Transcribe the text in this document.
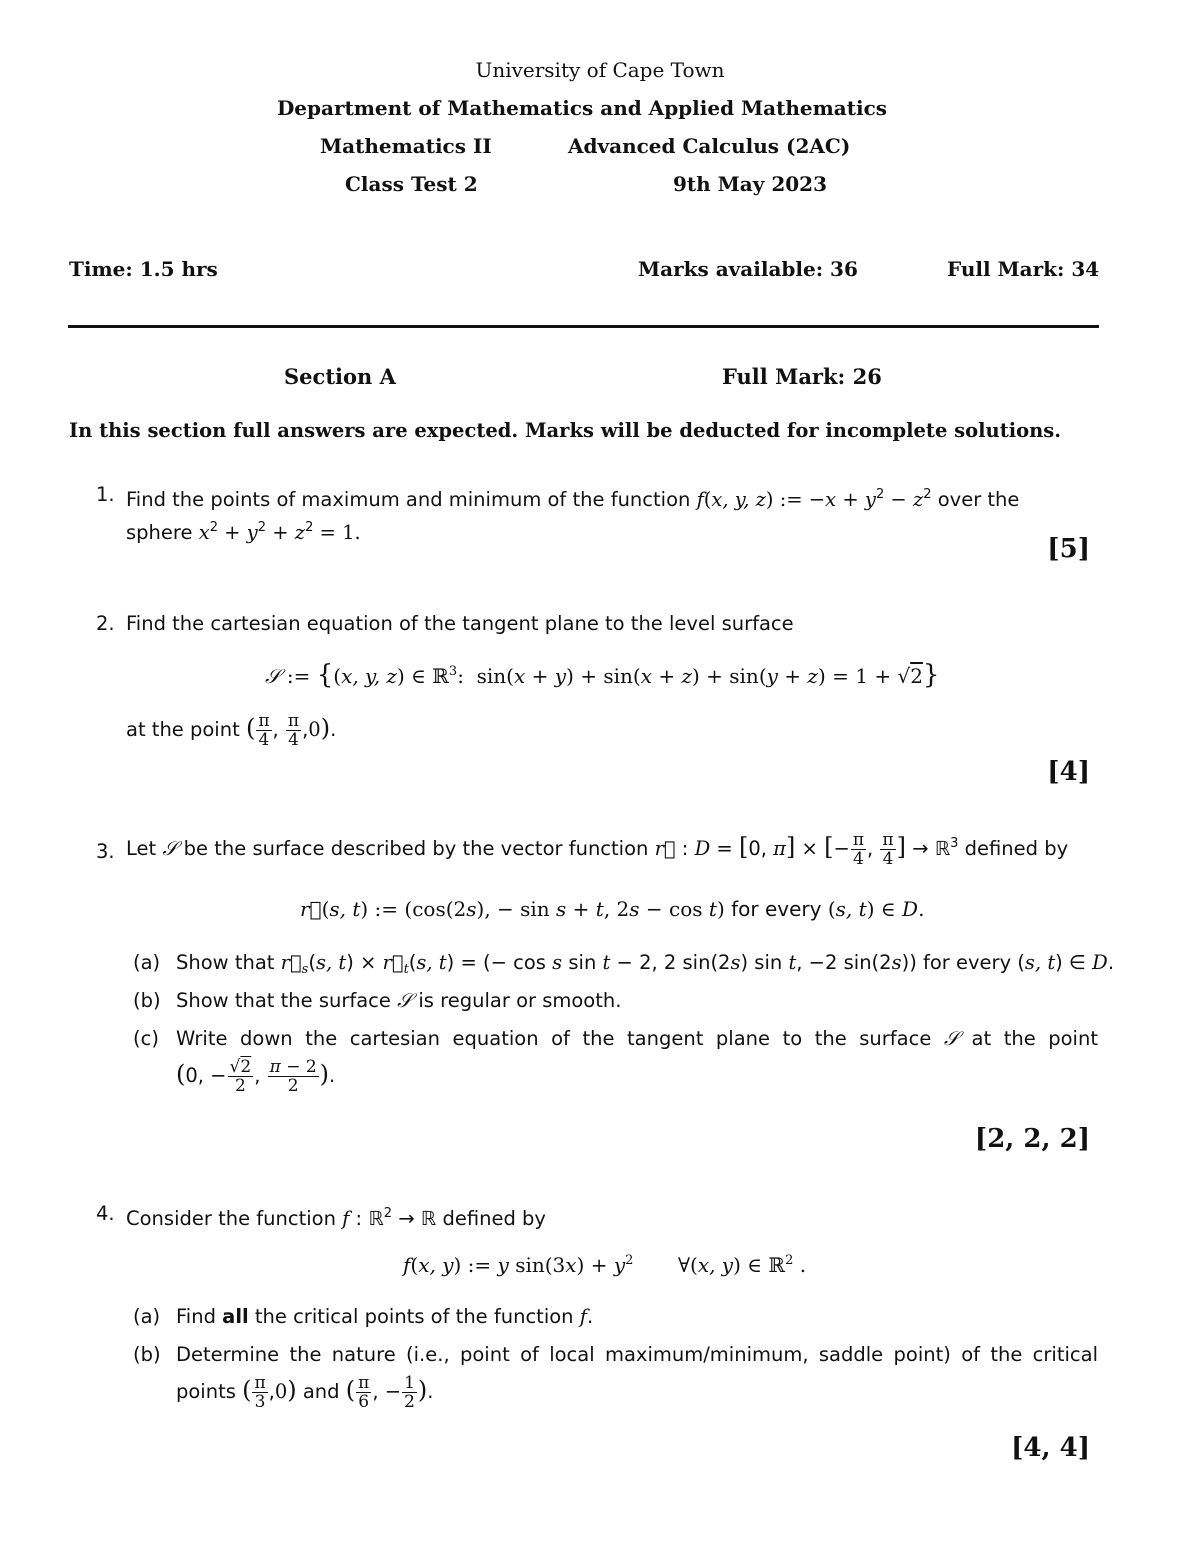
University of Cape Town
Department of Mathematics and Applied Mathematics
Mathematics II	Advanced Calculus (2AC)
Class Test 2	9th May 2023
Time: 1.5 hrs	Marks available: 36	Full Mark: 34
Section A	Full Mark: 26
In this section full answers are expected. Marks will be deducted for incomplete solutions.
1. Find the points of maximum and minimum of the function f(x, y, z) := $-x + y^2 - z^2$ over the
sphere $x^2 + y^2 + z^2 = 1$.
[5]
2. Find the cartesian equation of the tangent plane to the level surface
𝒮 := {(x, y, z) ∈ ℝ$^3$:  sin(x + y) + sin(x + z) + sin(y + z) = 1 + √2}
at the point ( $\frac{\pi}{4}$ , $\frac{\pi}{4} ,0$).
[4]
3. Let 𝒮 be the surface described by the vector function r⃗ : D = [0, π] × [− $\frac{\pi}{4}$ , $\frac{\pi}{4}$ ] → ℝ$^3$ defined by
r⃗(s, t) := (cos(2s), − sin s + t, 2s − cos t) for every (s, t) ∈ D.
(a) Show that $r⃗_s(s$, $t) \times r⃗_t(s$, t) = (− cos s sin t − 2, 2 sin(2s) sin t, −2 sin(2s)) for every (s, t) ∈ D.
(b) Show that the surface 𝒮 is regular or smooth.
(c) Write down the cartesian equation of the tangent plane to the surface 𝒮 at the point
(0, − $\frac{√2}{2}$ , $\frac{\pi - 2}{2}$ ).
[2, 2, 2]
4. Consider the function f : ℝ$^2$ → ℝ defined by
f(x, y) := y $\sin(3x) + y^2$       ∀(x, y) ∈ ℝ$^2$ .
(a) Find all the critical points of the function f.
(b) Determine the nature (i.e., point of local maximum/minimum, saddle point) of the critical
points ( $\frac{\pi}{3} ,0$) and ( $\frac{\pi}{6}$ , − $\frac{1}{2}$ ).
[4, 4]
